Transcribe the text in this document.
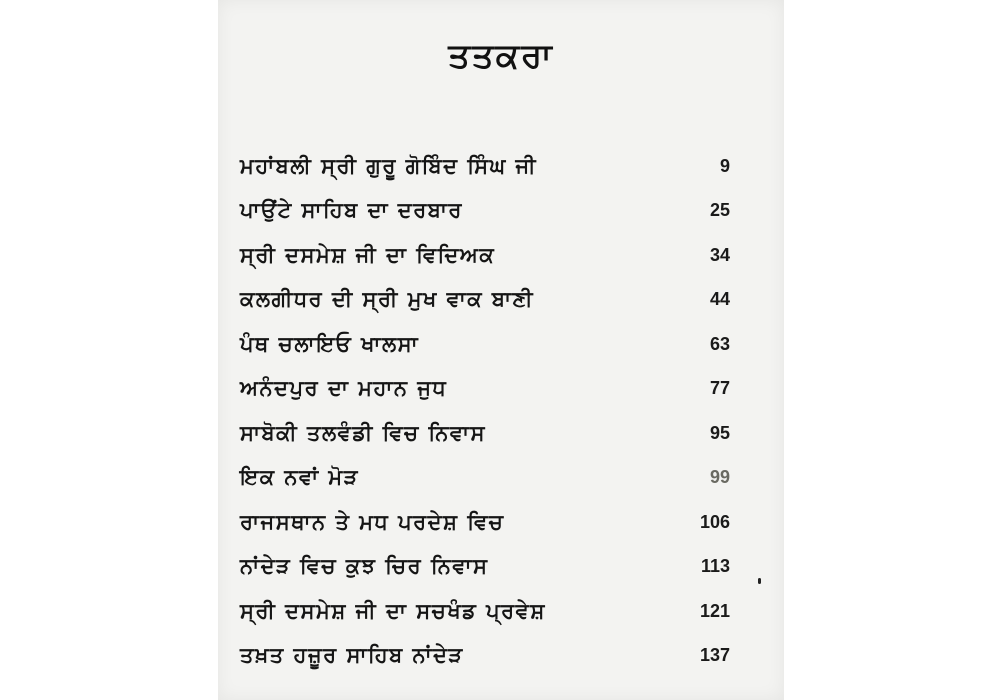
ਤਤਕਰਾ
ਮਹਾਂਬਲੀ ਸ੍ਰੀ ਗੁਰੂ ਗੋਬਿੰਦ ਸਿੰਘ ਜੀ	9
ਪਾਉਂਟੇ ਸਾਹਿਬ ਦਾ ਦਰਬਾਰ	25
ਸ੍ਰੀ ਦਸਮੇਸ਼ ਜੀ ਦਾ ਵਿਦਿਅਕ	34
ਕਲਗੀਧਰ ਦੀ ਸ੍ਰੀ ਮੁਖ ਵਾਕ ਬਾਣੀ	44
ਪੰਥ ਚਲਾਇਓ ਖਾਲਸਾ	63
ਅਨੰਦਪੁਰ ਦਾ ਮਹਾਨ ਜੁਧ	77
ਸਾਬੋਕੀ ਤਲਵੰਡੀ ਵਿਚ ਨਿਵਾਸ	95
ਇਕ ਨਵਾਂ ਮੋੜ	99
ਰਾਜਸਥਾਨ ਤੇ ਮਧ ਪਰਦੇਸ਼ ਵਿਚ	106
ਨਾਂਦੇੜ ਵਿਚ ਕੁਝ ਚਿਰ ਨਿਵਾਸ	113
ਸ੍ਰੀ ਦਸਮੇਸ਼ ਜੀ ਦਾ ਸਚਖੰਡ ਪ੍ਰਵੇਸ਼	121
ਤਖ਼ਤ ਹਜ਼ੂਰ ਸਾਹਿਬ ਨਾਂਦੇੜ	137
